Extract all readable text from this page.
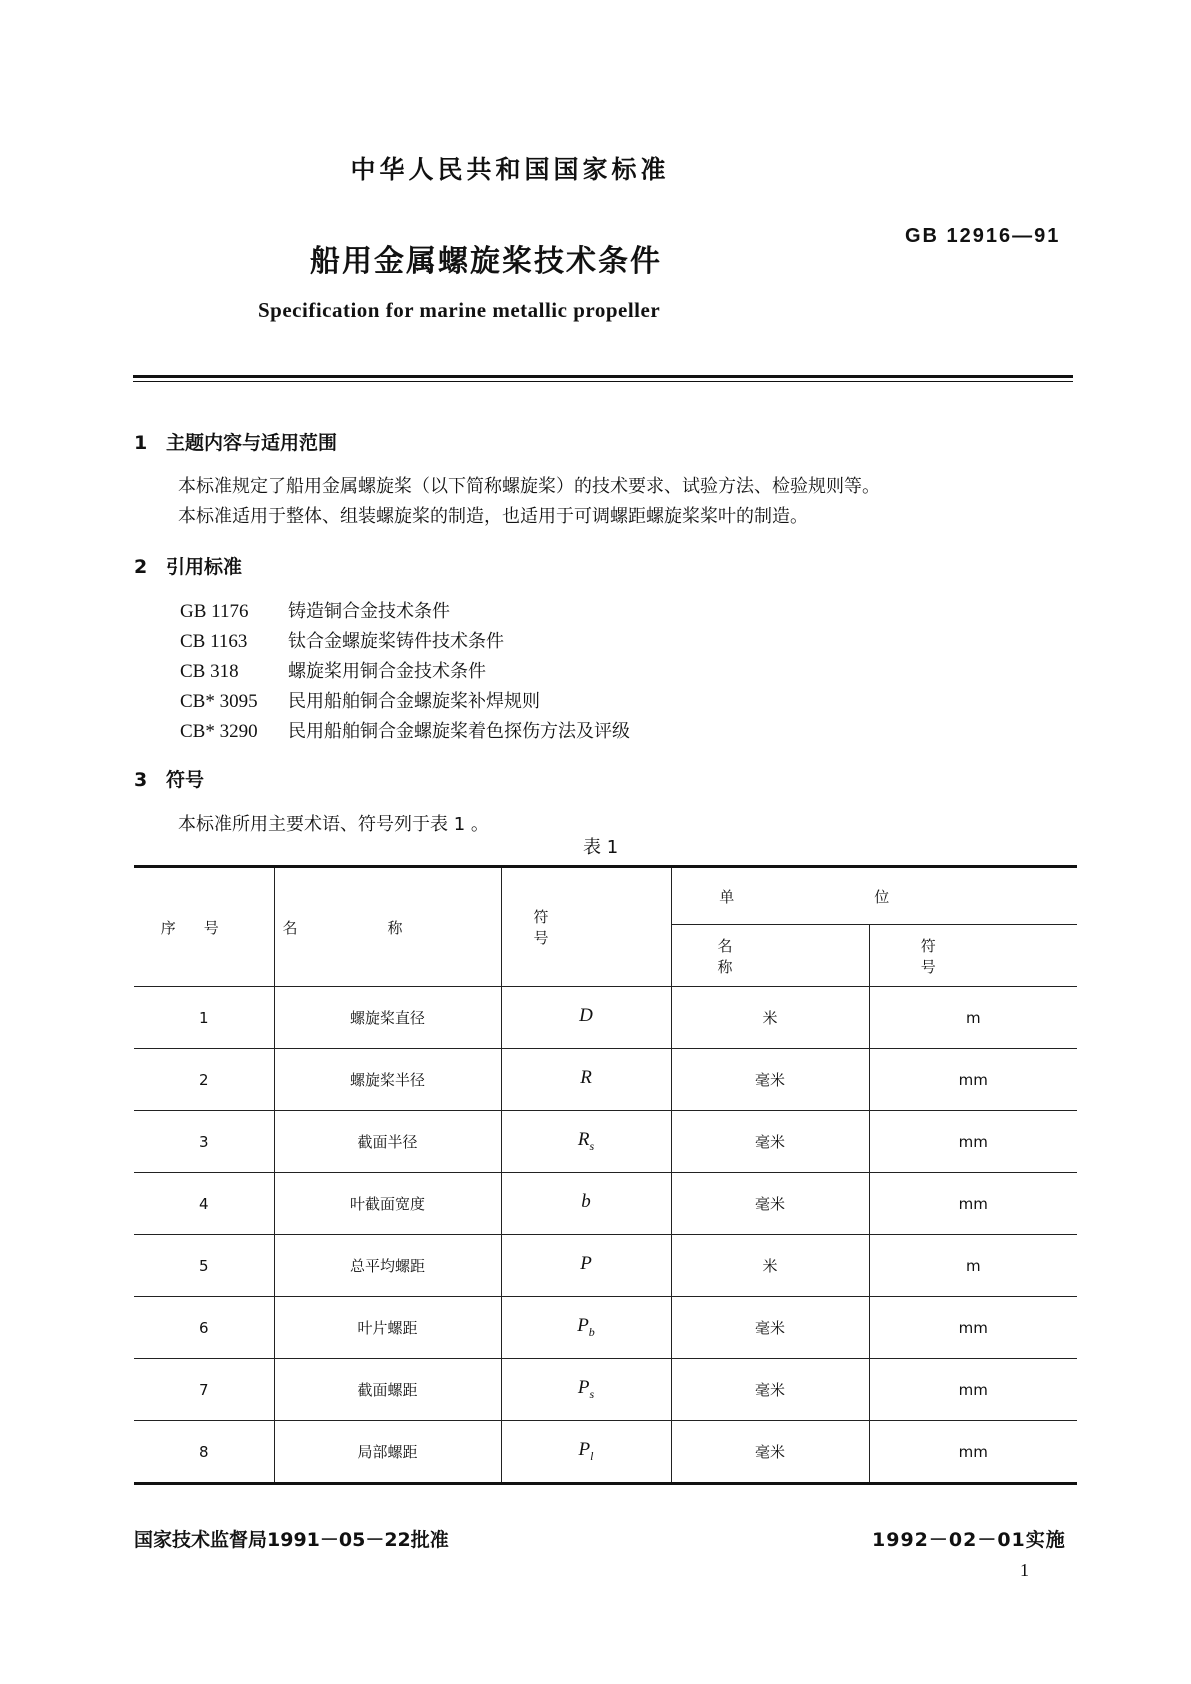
中华人民共和国国家标准
船用金属螺旋桨技术条件
GB 12916—91
Specification for marine metallic propeller
1 主题内容与适用范围
本标准规定了船用金属螺旋桨（以下简称螺旋桨）的技术要求、试验方法、检验规则等。
本标准适用于整体、组装螺旋桨的制造，也适用于可调螺距螺旋桨桨叶的制造。
2 引用标准
GB 1176 铸造铜合金技术条件
CB 1163 钛合金螺旋桨铸件技术条件
CB 318	螺旋桨用铜合金技术条件
CB* 3095 民用船舶铜合金螺旋桨补焊规则
CB* 3290 民用船舶铜合金螺旋桨着色探伤方法及评级
3 符号
本标准所用主要术语、符号列于表 1 。
表 1
序号	名称	符号	单位	
			名称	符号
1	螺旋桨直径	D	米	m
2	螺旋桨半径	R	毫米	mm
3	截面半径	$R_s$	毫米	mm
4	叶截面宽度	b	毫米	mm
5	总平均螺距	P	米	m
6	叶片螺距	$P_b$	毫米	mm
7	截面螺距	$P_s$	毫米	mm
8	局部螺距	$P_l$	毫米	mm
国家技术监督局1991－05－22批准	1992－02－01实施
1
